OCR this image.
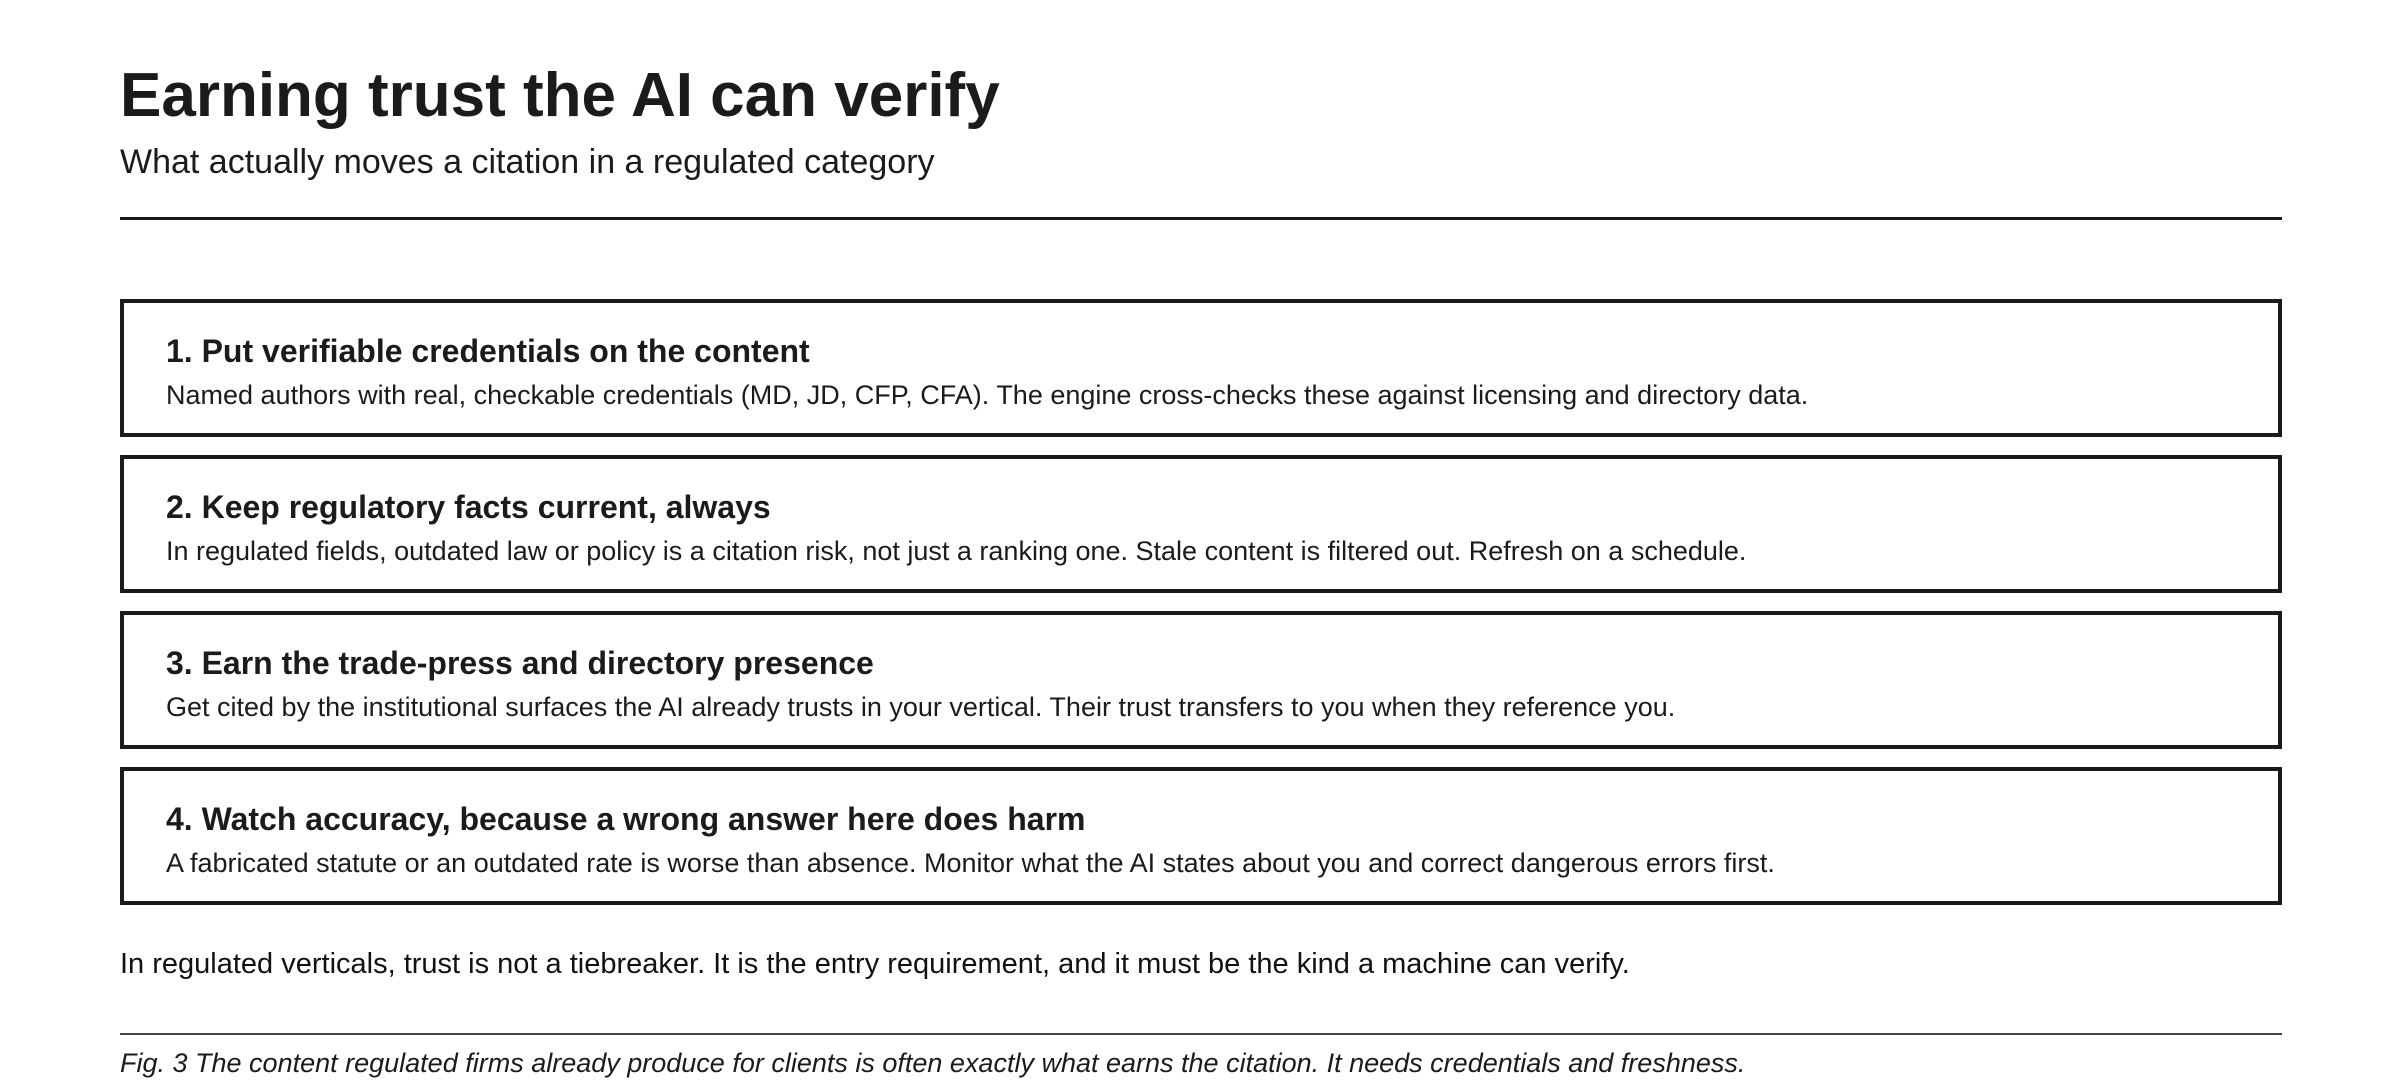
Earning trust the AI can verify

What actually moves a citation in a regulated category

1. Put verifiable credentials on the content

Named authors with real, checkable credentials (MD, JD, CFP, CFA). The engine cross-checks these against licensing and directory data.

2. Keep regulatory facts current, always

In regulated fields, outdated law or policy is a citation risk, not just a ranking one. Stale content is filtered out. Refresh on a schedule.

3. Earn the trade-press and directory presence

Get cited by the institutional surfaces the AI already trusts in your vertical. Their trust transfers to you when they reference you.

4. Watch accuracy, because a wrong answer here does harm

A fabricated statute or an outdated rate is worse than absence. Monitor what the AI states about you and correct dangerous errors first.

In regulated verticals, trust is not a tiebreaker. It is the entry requirement, and it must be the kind a machine can verify.

Fig. 3 The content regulated firms already produce for clients is often exactly what earns the citation. It needs credentials and freshness.
